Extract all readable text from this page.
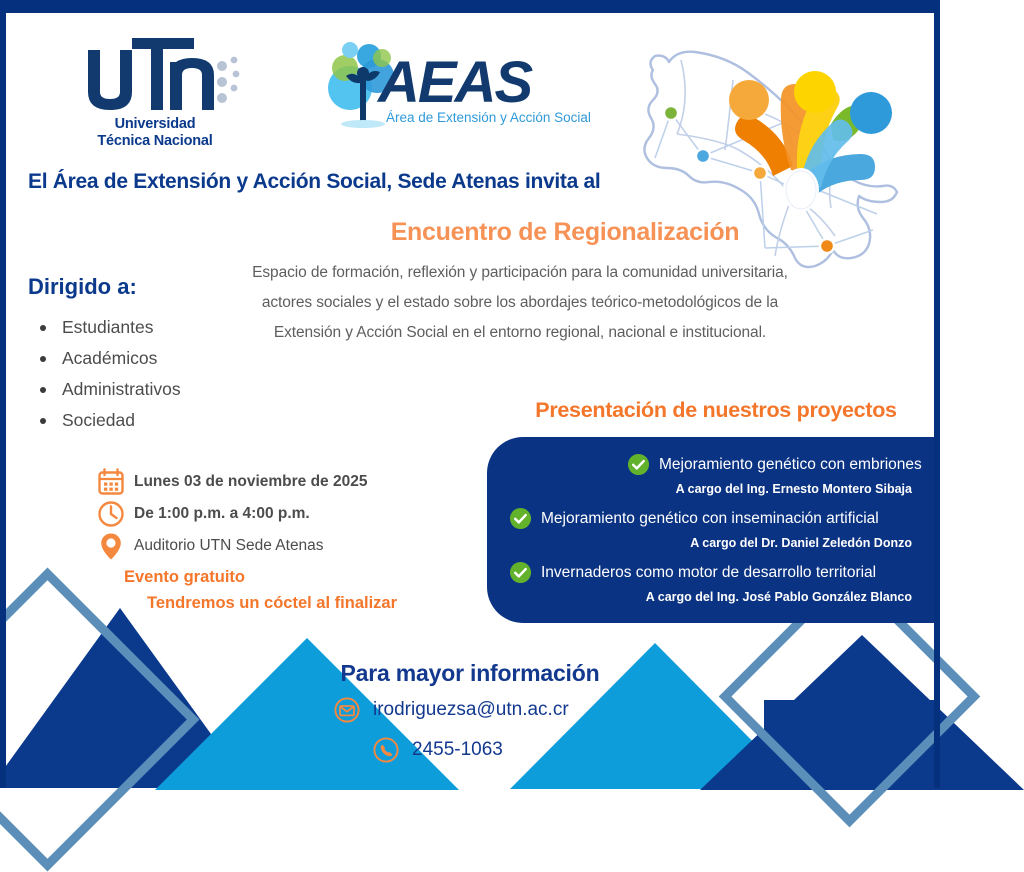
Universidad
Técnica Nacional
AEAS
Área de Extensión y Acción Social
El Área de Extensión y Acción Social, Sede Atenas invita al
Encuentro de Regionalización
Espacio de formación, reflexión y participación para la comunidad universitaria, actores sociales y el estado sobre los abordajes teórico-metodológicos de la Extensión y Acción Social en el entorno regional, nacional e institucional.
Dirigido a:
Estudiantes
Académicos
Administrativos
Sociedad
Lunes 03 de noviembre de 2025
De 1:00 p.m. a 4:00 p.m.
Auditorio UTN Sede Atenas
Evento gratuito
Tendremos un cóctel al finalizar
Presentación de nuestros proyectos
Mejoramiento genético con embriones
A cargo del Ing. Ernesto Montero Sibaja
Mejoramiento genético con inseminación artificial
A cargo del Dr. Daniel Zeledón Donzo
Invernaderos como motor de desarrollo territorial
A cargo del Ing. José Pablo González Blanco
Para mayor información
irodriguezsa@utn.ac.cr
2455-1063
